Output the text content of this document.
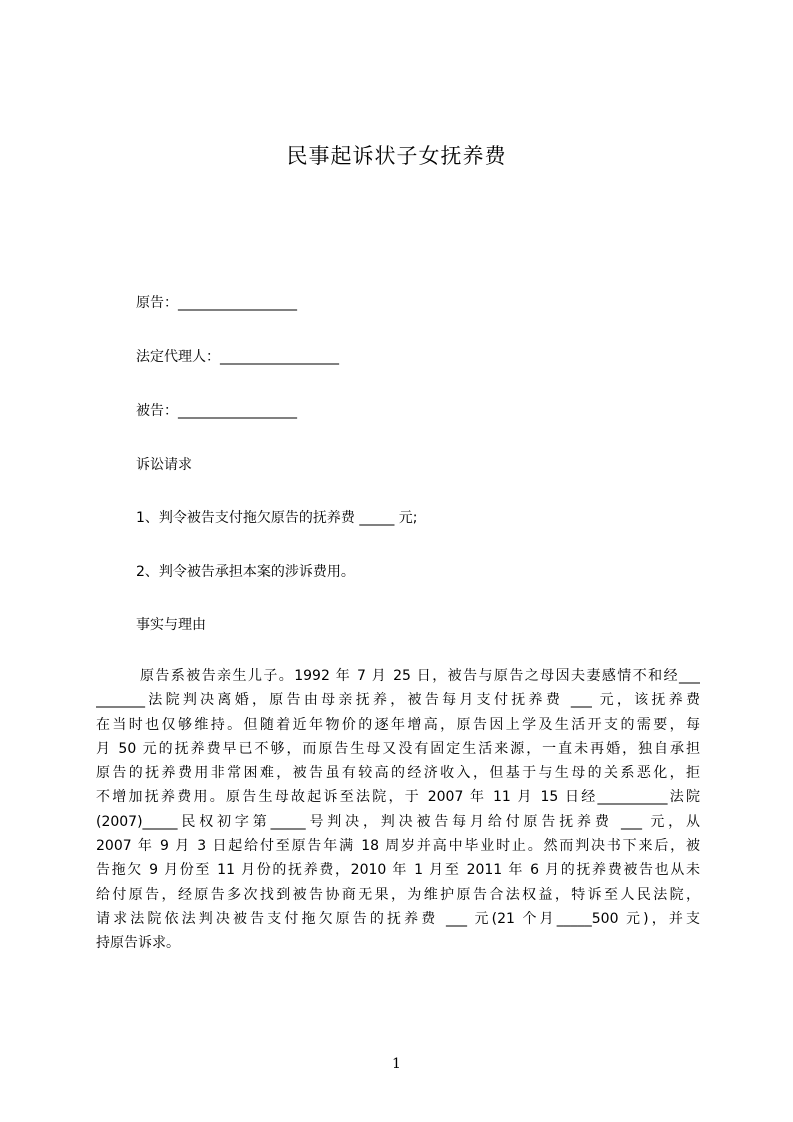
民事起诉状子女抚养费
原告：_________________
法定代理人：_________________
被告：_________________
诉讼请求
1、判令被告支付拖欠原告的抚养费 _____ 元;
2、判令被告承担本案的涉诉费用。
事实与理由
原告系被告亲生儿子。1992 年 7 月 25 日，被告与原告之母因夫妻感情不和经___
_______法院判决离婚，原告由母亲抚养，被告每月支付抚养费 ___ 元，该抚养费
在当时也仅够维持。但随着近年物价的逐年增高，原告因上学及生活开支的需要，每
月 50 元的抚养费早已不够，而原告生母又没有固定生活来源，一直未再婚，独自承担
原告的抚养费用非常困难，被告虽有较高的经济收入，但基于与生母的关系恶化，拒
不增加抚养费用。原告生母故起诉至法院，于 2007 年 11 月 15 日经__________法院
(2007)_____民权初字第_____号判决，判决被告每月给付原告抚养费 ___ 元，从
2007 年 9 月 3 日起给付至原告年满 18 周岁并高中毕业时止。然而判决书下来后，被
告拖欠 9 月份至 11 月份的抚养费，2010 年 1 月至 2011 年 6 月的抚养费被告也从未
给付原告，经原告多次找到被告协商无果，为维护原告合法权益，特诉至人民法院，
请求法院依法判决被告支付拖欠原告的抚养费 ___ 元(21 个月_____500 元)，并支
持原告诉求。
1
